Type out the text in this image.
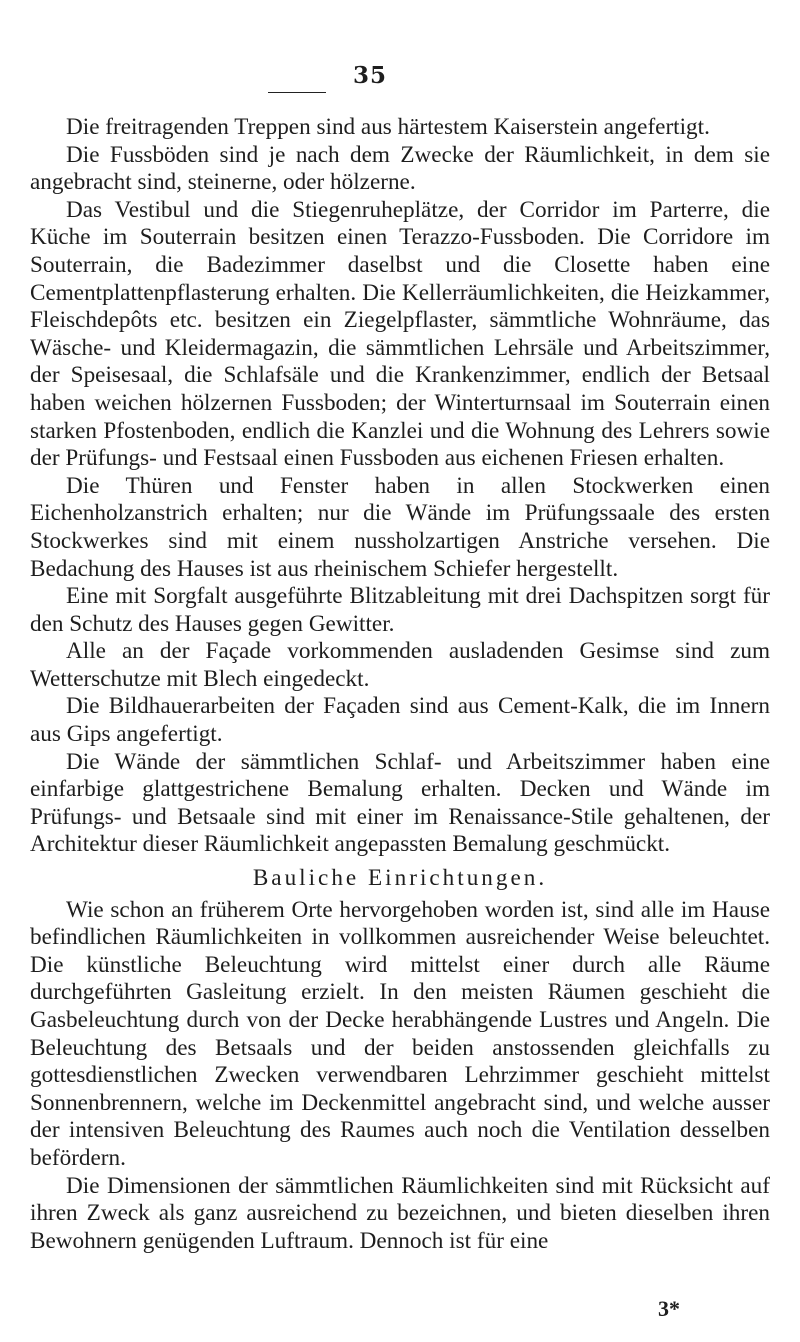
35

Die freitragenden Treppen sind aus härtestem Kaiserstein angefertigt.

Die Fussböden sind je nach dem Zwecke der Räumlichkeit, in dem sie angebracht sind, steinerne, oder hölzerne.

Das Vestibul und die Stiegenruheplätze, der Corridor im Parterre, die Küche im Souterrain besitzen einen Terazzo-Fussboden. Die Corridore im Souterrain, die Badezimmer daselbst und die Closette haben eine Cementplattenpflasterung erhalten. Die Kellerräumlichkeiten, die Heizkammer, Fleischdepôts etc. besitzen ein Ziegelpflaster, sämmtliche Wohnräume, das Wäsche- und Kleidermagazin, die sämmtlichen Lehrsäle und Arbeitszimmer, der Speisesaal, die Schlafsäle und die Krankenzimmer, endlich der Betsaal haben weichen hölzernen Fussboden; der Winterturnsaal im Souterrain einen starken Pfostenboden, endlich die Kanzlei und die Wohnung des Lehrers sowie der Prüfungs- und Festsaal einen Fussboden aus eichenen Friesen erhalten.

Die Thüren und Fenster haben in allen Stockwerken einen Eichenholzanstrich erhalten; nur die Wände im Prüfungssaale des ersten Stockwerkes sind mit einem nussholzartigen Anstriche versehen. Die Bedachung des Hauses ist aus rheinischem Schiefer hergestellt.

Eine mit Sorgfalt ausgeführte Blitzableitung mit drei Dachspitzen sorgt für den Schutz des Hauses gegen Gewitter.

Alle an der Façade vorkommenden ausladenden Gesimse sind zum Wetterschutze mit Blech eingedeckt.

Die Bildhauerarbeiten der Façaden sind aus Cement-Kalk, die im Innern aus Gips angefertigt.

Die Wände der sämmtlichen Schlaf- und Arbeitszimmer haben eine einfarbige glattgestrichene Bemalung erhalten. Decken und Wände im Prüfungs- und Betsaale sind mit einer im Renaissance-Stile gehaltenen, der Architektur dieser Räumlichkeit angepassten Bemalung geschmückt.

Bauliche Einrichtungen.

Wie schon an früherem Orte hervorgehoben worden ist, sind alle im Hause befindlichen Räumlichkeiten in vollkommen ausreichender Weise beleuchtet. Die künstliche Beleuchtung wird mittelst einer durch alle Räume durchgeführten Gasleitung erzielt. In den meisten Räumen geschieht die Gasbeleuchtung durch von der Decke herabhängende Lustres und Angeln. Die Beleuchtung des Betsaals und der beiden anstossenden gleichfalls zu gottesdienstlichen Zwecken verwendbaren Lehrzimmer geschieht mittelst Sonnenbrennern, welche im Deckenmittel angebracht sind, und welche ausser der intensiven Beleuchtung des Raumes auch noch die Ventilation desselben befördern.

Die Dimensionen der sämmtlichen Räumlichkeiten sind mit Rücksicht auf ihren Zweck als ganz ausreichend zu bezeichnen, und bieten dieselben ihren Bewohnern genügenden Luftraum. Dennoch ist für eine

3*
